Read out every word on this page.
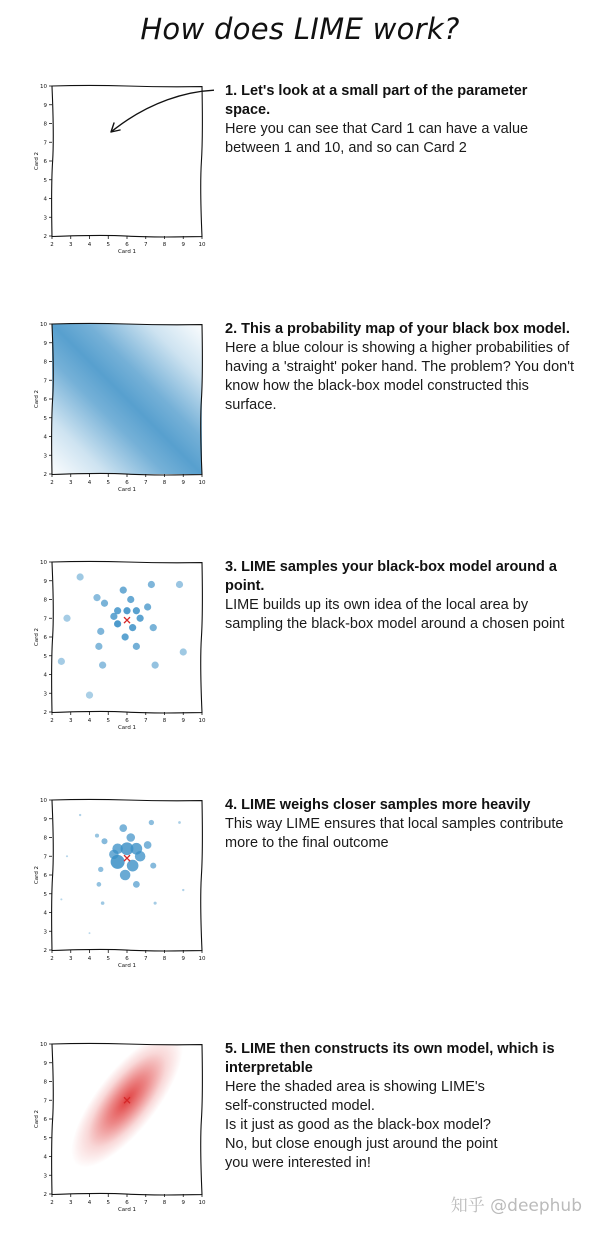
How does LIME work?
2	3	4	5	6	7	8	9 10
2
3
4
5
6
7
8
9
10
Card 1
Card 2
1. Let's look at a small part of the parameter space.
Here you can see that Card 1 can have a value between 1 and 10, and so can Card 2
2	3	4	5	6	7	8	9 10
2
3
4
5
6
7
8
9
10
Card 1
Card 2
2. This a probability map of your black box model.
Here a blue colour is showing a higher probabilities of having a 'straight' poker hand. The problem? You don't know how the black-box model constructed this surface.
2	3	4	5	6	7	8	9 10
2
3
4
5
6
7
8
9
10
Card 1
Card 2
3. LIME samples your black-box model around a point.
LIME builds up its own idea of the local area by sampling the black-box model around a chosen point
2	3	4	5	6	7	8	9 10
2
3
4
5
6
7
8
9
10
Card 1
Card 2
4. LIME weighs closer samples more heavily
This way LIME ensures that local samples contribute more to the final outcome
2	3	4	5	6	7	8	9 10
2
3
4
5
6
7
8
9
10
Card 1
Card 2
5. LIME then constructs its own model, which is interpretable
Here the shaded area is showing LIME's
self-constructed model.
Is it just as good as the black-box model?
No, but close enough just around the point
you were interested in!
知乎 @deephub
